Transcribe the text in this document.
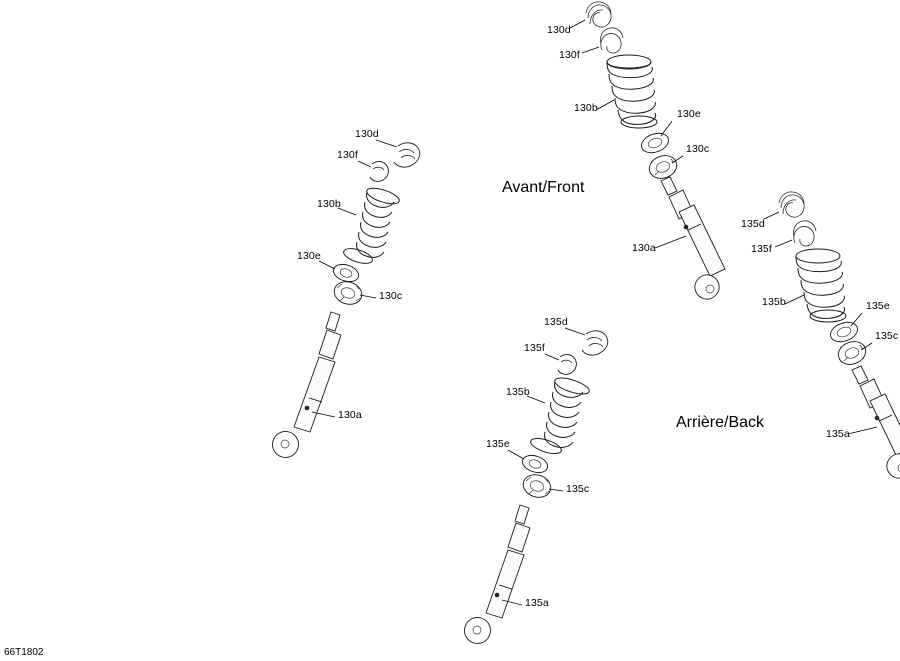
130d
130f
130b	130e
130c
130a
130d
130f
130b
130e
130c
130a
135d
135f
135b	135e
135c
135a
135d
135f
135b
135e
135c
135a
Avant/Front
Arrière/Back
66T1802
